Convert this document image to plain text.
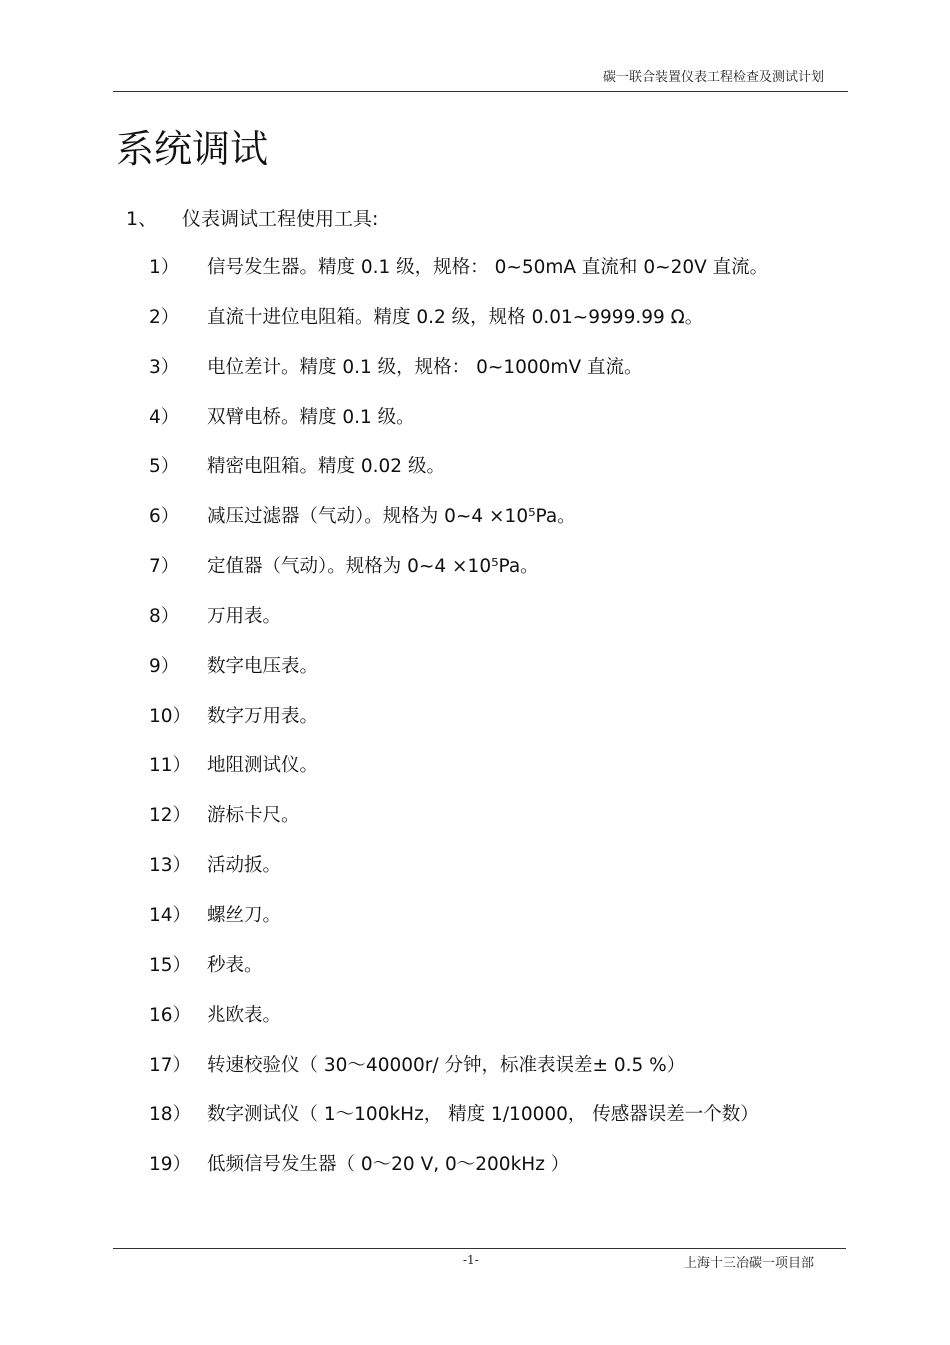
碳一联合装置仪表工程检查及测试计划
系统调试
1、 仪表调试工程使用工具:
1） 信号发生器。精度 0.1 级，规格： 0~50mA 直流和 0~20V 直流。
2） 直流十进位电阻箱。精度 0.2 级，规格 0.01~9999.99 Ω。
3） 电位差计。精度 0.1 级，规格： 0~1000mV 直流。
4） 双臂电桥。精度 0.1 级。
5） 精密电阻箱。精度 0.02 级。
6） 减压过滤器（气动）。规格为 0~4 ×10⁵Pa。
7） 定值器（气动）。规格为 0~4 ×10⁵Pa。
8） 万用表。
9） 数字电压表。
10） 数字万用表。
11） 地阻测试仪。
12） 游标卡尺。
13） 活动扳。
14） 螺丝刀。
15） 秒表。
16） 兆欧表。
17） 转速校验仪（ 30～40000r/ 分钟，标准表误差± 0.5 %）
18） 数字测试仪（ 1～100kHz， 精度 1/10000， 传感器误差一个数）
19） 低频信号发生器（ 0～20 V, 0～200kHz ）
-1-	上海十三冶碳一项目部
